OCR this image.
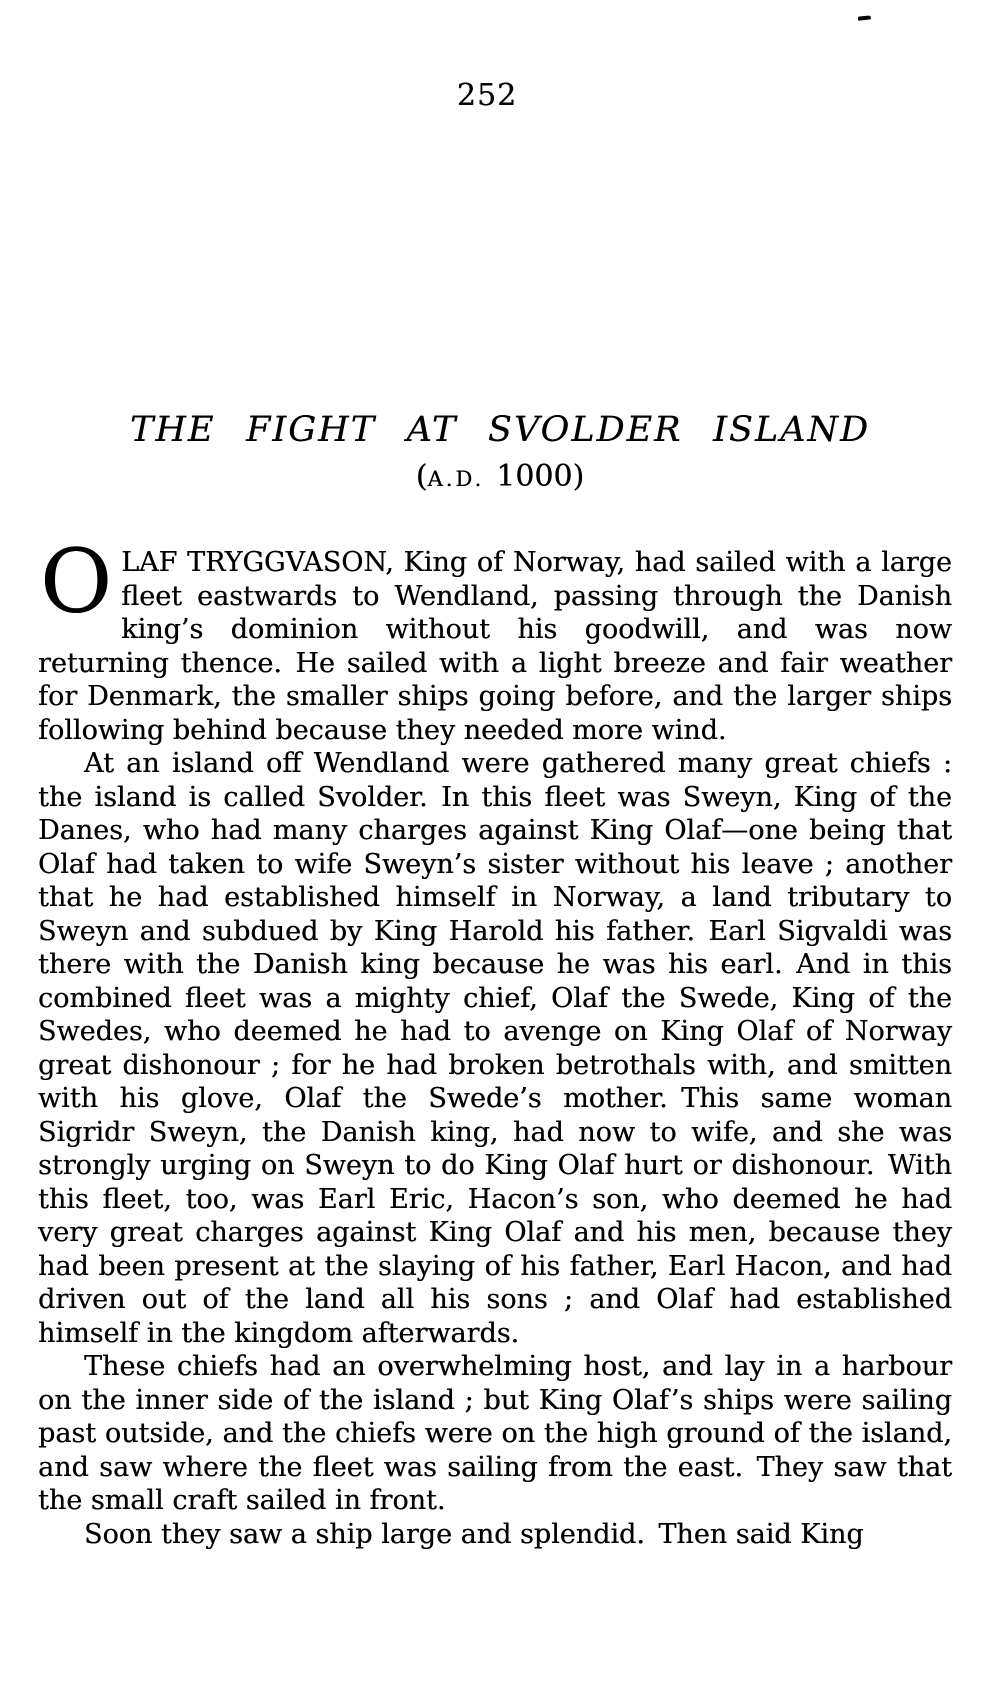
252
THE FIGHT AT SVOLDER ISLAND
(A.D. 1000)

OLAF TRYGGVASON, King of Norway, had sailed with a large fleet eastwards to Wendland, passing through the Danish king’s dominion without his goodwill, and was now returning thence. He sailed with a light breeze and fair weather for Denmark, the smaller ships going before, and the larger ships following behind because they needed more wind.

At an island off Wendland were gathered many great chiefs : the island is called Svolder. In this fleet was Sweyn, King of the Danes, who had many charges against King Olaf—one being that Olaf had taken to wife Sweyn’s sister without his leave ; another that he had established himself in Norway, a land tributary to Sweyn and subdued by King Harold his father. Earl Sigvaldi was there with the Danish king because he was his earl. And in this combined fleet was a mighty chief, Olaf the Swede, King of the Swedes, who deemed he had to avenge on King Olaf of Norway great dishonour ; for he had broken betrothals with, and smitten with his glove, Olaf the Swede’s mother. This same woman Sigridr Sweyn, the Danish king, had now to wife, and she was strongly urging on Sweyn to do King Olaf hurt or dishonour. With this fleet, too, was Earl Eric, Hacon’s son, who deemed he had very great charges against King Olaf and his men, because they had been present at the slaying of his father, Earl Hacon, and had driven out of the land all his sons ; and Olaf had established himself in the kingdom afterwards.

These chiefs had an overwhelming host, and lay in a harbour on the inner side of the island ; but King Olaf’s ships were sailing past outside, and the chiefs were on the high ground of the island, and saw where the fleet was sailing from the east. They saw that the small craft sailed in front.

Soon they saw a ship large and splendid. Then said King
